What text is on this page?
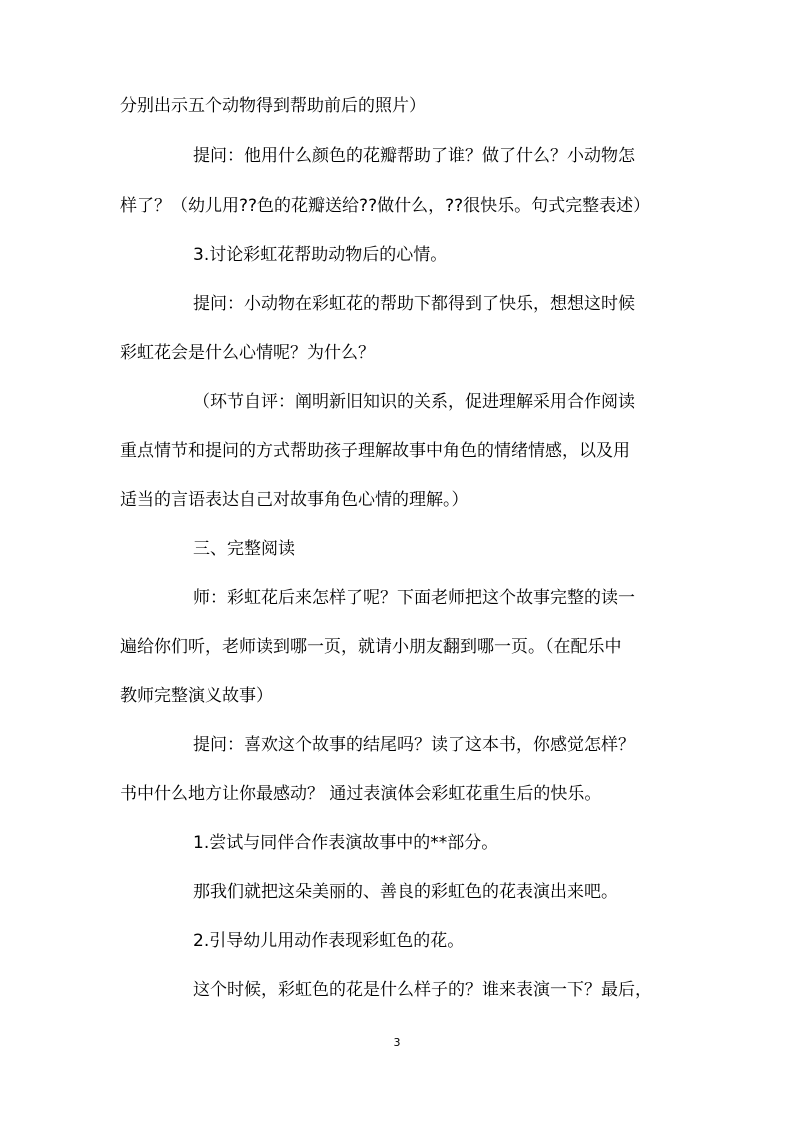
分别出示五个动物得到帮助前后的照片）
提问：他用什么颜色的花瓣帮助了谁？做了什么？小动物怎
样了？（幼儿用??色的花瓣送给??做什么，??很快乐。句式完整表述）
3.讨论彩虹花帮助动物后的心情。
提问：小动物在彩虹花的帮助下都得到了快乐，想想这时候
彩虹花会是什么心情呢？为什么？
（环节自评：阐明新旧知识的关系，促进理解采用合作阅读
重点情节和提问的方式帮助孩子理解故事中角色的情绪情感，以及用
适当的言语表达自己对故事角色心情的理解。）
三、完整阅读
师：彩虹花后来怎样了呢？下面老师把这个故事完整的读一
遍给你们听，老师读到哪一页，就请小朋友翻到哪一页。（在配乐中
教师完整演义故事）
提问：喜欢这个故事的结尾吗？读了这本书，你感觉怎样？
书中什么地方让你最感动？ 通过表演体会彩虹花重生后的快乐。
1.尝试与同伴合作表演故事中的**部分。
那我们就把这朵美丽的、善良的彩虹色的花表演出来吧。
2.引导幼儿用动作表现彩虹色的花。
这个时候，彩虹色的花是什么样子的？谁来表演一下？最后，
3
